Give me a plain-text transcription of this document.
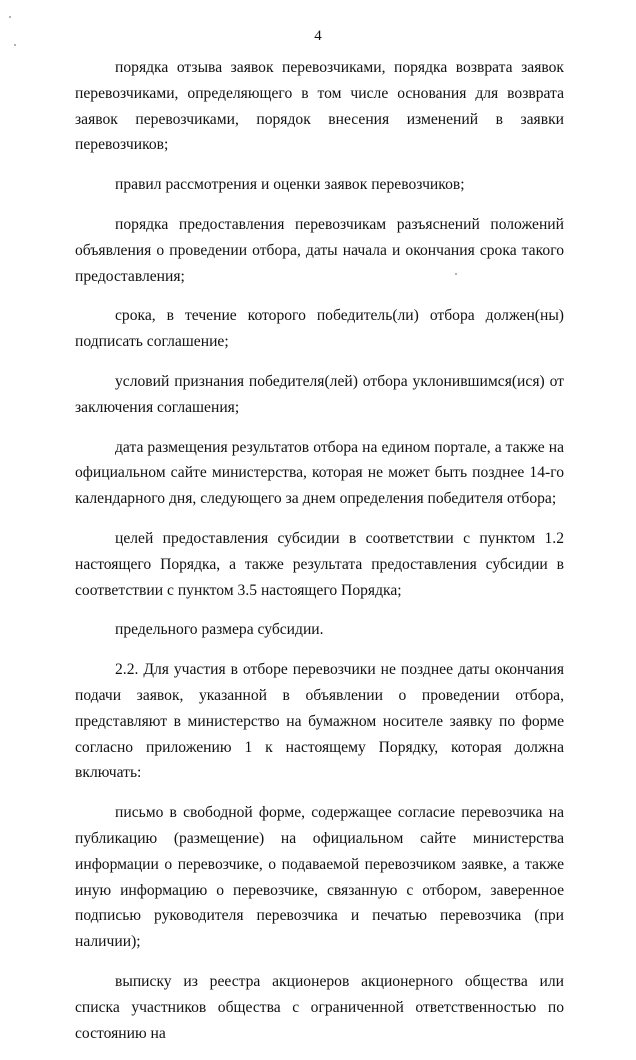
4

порядка отзыва заявок перевозчиками, порядка возврата заявок перевозчиками, определяющего в том числе основания для возврата заявок перевозчиками, порядок внесения изменений в заявки перевозчиков;

правил рассмотрения и оценки заявок перевозчиков;

порядка предоставления перевозчикам разъяснений положений объявления о проведении отбора, даты начала и окончания срока такого предоставления;

срока, в течение которого победитель(ли) отбора должен(ны) подписать соглашение;

условий признания победителя(лей) отбора уклонившимся(ися) от заключения соглашения;

дата размещения результатов отбора на едином портале, а также на официальном сайте министерства, которая не может быть позднее 14-го календарного дня, следующего за днем определения победителя отбора;

целей предоставления субсидии в соответствии с пунктом 1.2 настоящего Порядка, а также результата предоставления субсидии в соответствии с пунктом 3.5 настоящего Порядка;

предельного размера субсидии.

2.2. Для участия в отборе перевозчики не позднее даты окончания подачи заявок, указанной в объявлении о проведении отбора, представляют в министерство на бумажном носителе заявку по форме согласно приложению 1 к настоящему Порядку, которая должна включать:

письмо в свободной форме, содержащее согласие перевозчика на публикацию (размещение) на официальном сайте министерства информации о перевозчике, о подаваемой перевозчиком заявке, а также иную информацию о перевозчике, связанную с отбором, заверенное подписью руководителя перевозчика и печатью перевозчика (при наличии);

выписку из реестра акционеров акционерного общества или списка участников общества с ограниченной ответственностью по состоянию на
